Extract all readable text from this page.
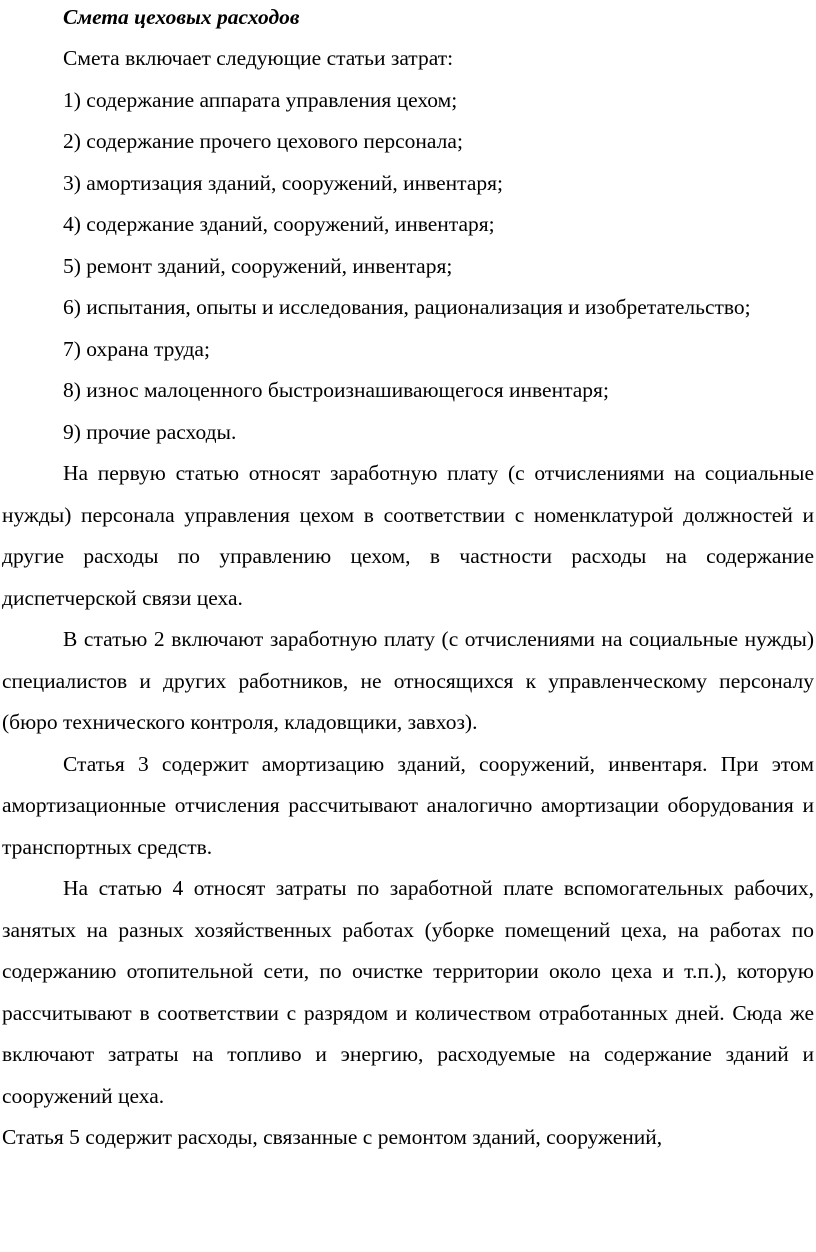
Смета цеховых расходов
Смета включает следующие статьи затрат:
1) содержание аппарата управления цехом;
2) содержание прочего цехового персонала;
3) амортизация зданий, сооружений, инвентаря;
4) содержание зданий, сооружений, инвентаря;
5) ремонт зданий, сооружений, инвентаря;

6) испытания, опыты и исследования, рационализация и изобретательство;

7) охрана труда;
8) износ малоценного быстроизнашивающегося инвентаря;
9) прочие расходы.

На первую статью относят заработную плату (с отчислениями на социальные нужды) персонала управления цехом в соответствии с номенклатурой должностей и другие расходы по управлению цехом, в частности расходы на содержание диспетчерской связи цеха.

В статью 2 включают заработную плату (с отчислениями на социальные нужды) специалистов и других работников, не относящихся к управленческому персоналу (бюро технического контроля, кладовщики, завхоз).

Статья 3 содержит амортизацию зданий, сооружений, инвентаря. При этом амортизационные отчисления рассчитывают аналогично амортизации оборудования и транспортных средств.

На статью 4 относят затраты по заработной плате вспомогательных рабочих, занятых на разных хозяйственных работах (уборке помещений цеха, на работах по содержанию отопительной сети, по очистке территории около цеха и т.п.), которую рассчитывают в соответствии с разрядом и количеством отработанных дней. Сюда же включают затраты на топливо и энергию, расходуемые на содержание зданий и сооружений цеха.

Статья 5 содержит расходы, связанные с ремонтом зданий, сооружений,
